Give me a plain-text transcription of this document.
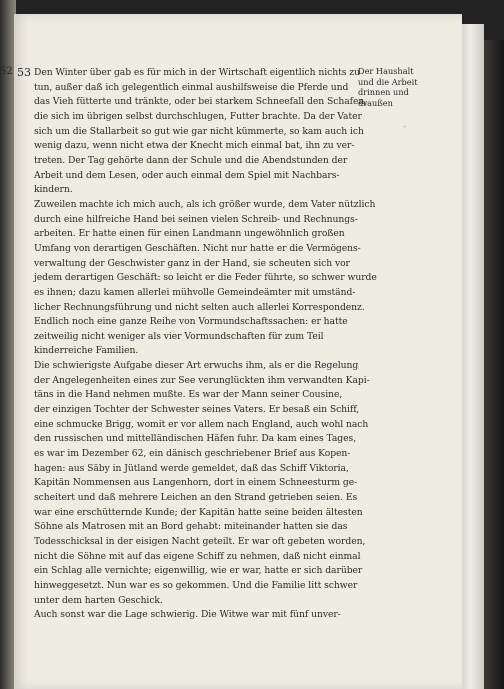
52 53 Den Winter über gab es für mich in der Wirtschaft eigentlich nichts zu
tun, außer daß ich gelegentlich einmal aushilfsweise die Pferde und
das Vieh fütterte und tränkte, oder bei starkem Schneefall den Schafen,
die sich im übrigen selbst durchschlugen, Futter brachte. Da der Vater
sich um die Stallarbeit so gut wie gar nicht kümmerte, so kam auch ich
wenig dazu, wenn nicht etwa der Knecht mich einmal bat, ihn zu ver-
treten. Der Tag gehörte dann der Schule und die Abendstunden der
Arbeit und dem Lesen, oder auch einmal dem Spiel mit Nachbars-
kindern.
Zuweilen machte ich mich auch, als ich größer wurde, dem Vater nützlich
durch eine hilfreiche Hand bei seinen vielen Schreib- und Rechnungs-
arbeiten. Er hatte einen für einen Landmann ungewöhnlich großen
Umfang von derartigen Geschäften. Nicht nur hatte er die Vermögens-
verwaltung der Geschwister ganz in der Hand, sie scheuten sich vor
jedem derartigen Geschäft: so leicht er die Feder führte, so schwer wurde
es ihnen; dazu kamen allerlei mühvolle Gemeindeämter mit umständ-
licher Rechnungsführung und nicht selten auch allerlei Korrespondenz.
Endlich noch eine ganze Reihe von Vormundschaftssachen: er hatte
zeitweilig nicht weniger als vier Vormundschaften für zum Teil
kinderreiche Familien.
Die schwierigste Aufgabe dieser Art erwuchs ihm, als er die Regelung
der Angelegenheiten eines zur See verunglückten ihm verwandten Kapi-
täns in die Hand nehmen mußte. Es war der Mann seiner Cousine,
der einzigen Tochter der Schwester seines Vaters. Er besaß ein Schiff,
eine schmucke Brigg, womit er vor allem nach England, auch wohl nach
den russischen und mittelländischen Häfen fuhr. Da kam eines Tages,
es war im Dezember 62, ein dänisch geschriebener Brief aus Kopen-
hagen: aus Säby in Jütland werde gemeldet, daß das Schiff Viktoria,
Kapitän Nommensen aus Langenhorn, dort in einem Schneesturm ge-
scheitert und daß mehrere Leichen an den Strand getrieben seien. Es
war eine erschütternde Kunde; der Kapitän hatte seine beiden ältesten
Söhne als Matrosen mit an Bord gehabt: miteinander hatten sie das
Todesschicksal in der eisigen Nacht geteilt. Er war oft gebeten worden,
nicht die Söhne mit auf das eigene Schiff zu nehmen, daß nicht einmal
ein Schlag alle vernichte; eigenwillig, wie er war, hatte er sich darüber
hinweggesetzt. Nun war es so gekommen. Und die Familie litt schwer
unter dem harten Geschick.
Auch sonst war die Lage schwierig. Die Witwe war mit fünf unver-
Der Haushalt
und die Arbeit
drinnen und
draußen
ˇ
